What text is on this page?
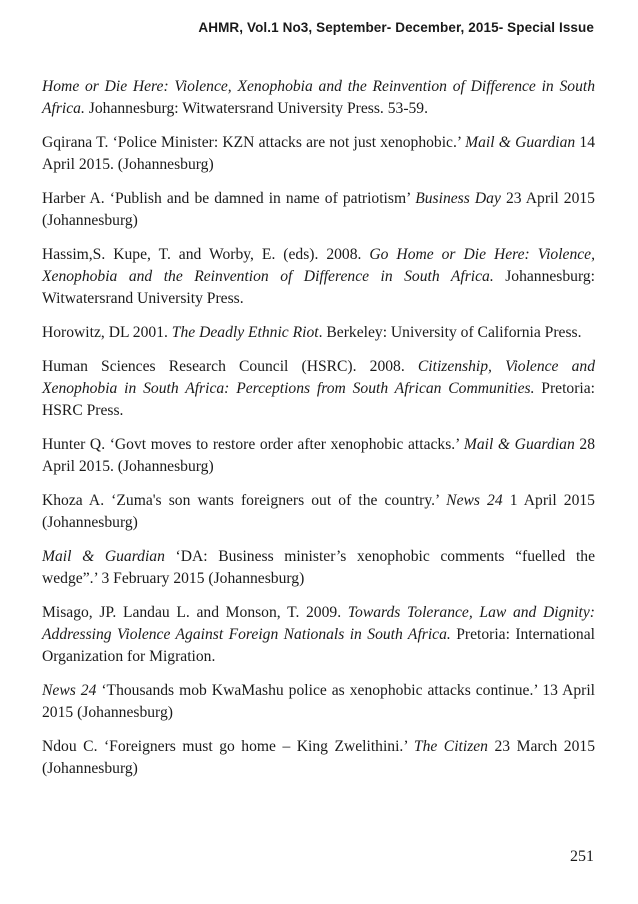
AHMR, Vol.1 No3, September- December, 2015- Special Issue

Home or Die Here: Violence, Xenophobia and the Reinvention of Difference in South Africa. Johannesburg: Witwatersrand University Press. 53-59.

Gqirana T. ‘Police Minister: KZN attacks are not just xenophobic.’ Mail & Guardian 14 April 2015. (Johannesburg)

Harber A. ‘Publish and be damned in name of patriotism’ Business Day 23 April 2015 (Johannesburg)

Hassim,S. Kupe, T. and Worby, E. (eds). 2008. Go Home or Die Here: Violence, Xenophobia and the Reinvention of Difference in South Africa. Johannesburg: Witwatersrand University Press.

Horowitz, DL 2001. The Deadly Ethnic Riot. Berkeley: University of California Press.

Human Sciences Research Council (HSRC). 2008. Citizenship, Violence and Xenophobia in South Africa: Perceptions from South African Communities. Pretoria: HSRC Press.

Hunter Q. ‘Govt moves to restore order after xenophobic attacks.’ Mail & Guardian 28 April 2015. (Johannesburg)

Khoza A. ‘Zuma's son wants foreigners out of the country.’ News 24 1 April 2015 (Johannesburg)

Mail & Guardian ‘DA: Business minister’s xenophobic comments “fuelled the wedge”.’ 3 February 2015 (Johannesburg)

Misago, JP. Landau L. and Monson, T. 2009. Towards Tolerance, Law and Dignity: Addressing Violence Against Foreign Nationals in South Africa. Pretoria: International Organization for Migration.

News 24 ‘Thousands mob KwaMashu police as xenophobic attacks continue.’ 13 April 2015 (Johannesburg)

Ndou C. ‘Foreigners must go home – King Zwelithini.’ The Citizen 23 March 2015 (Johannesburg)

251
